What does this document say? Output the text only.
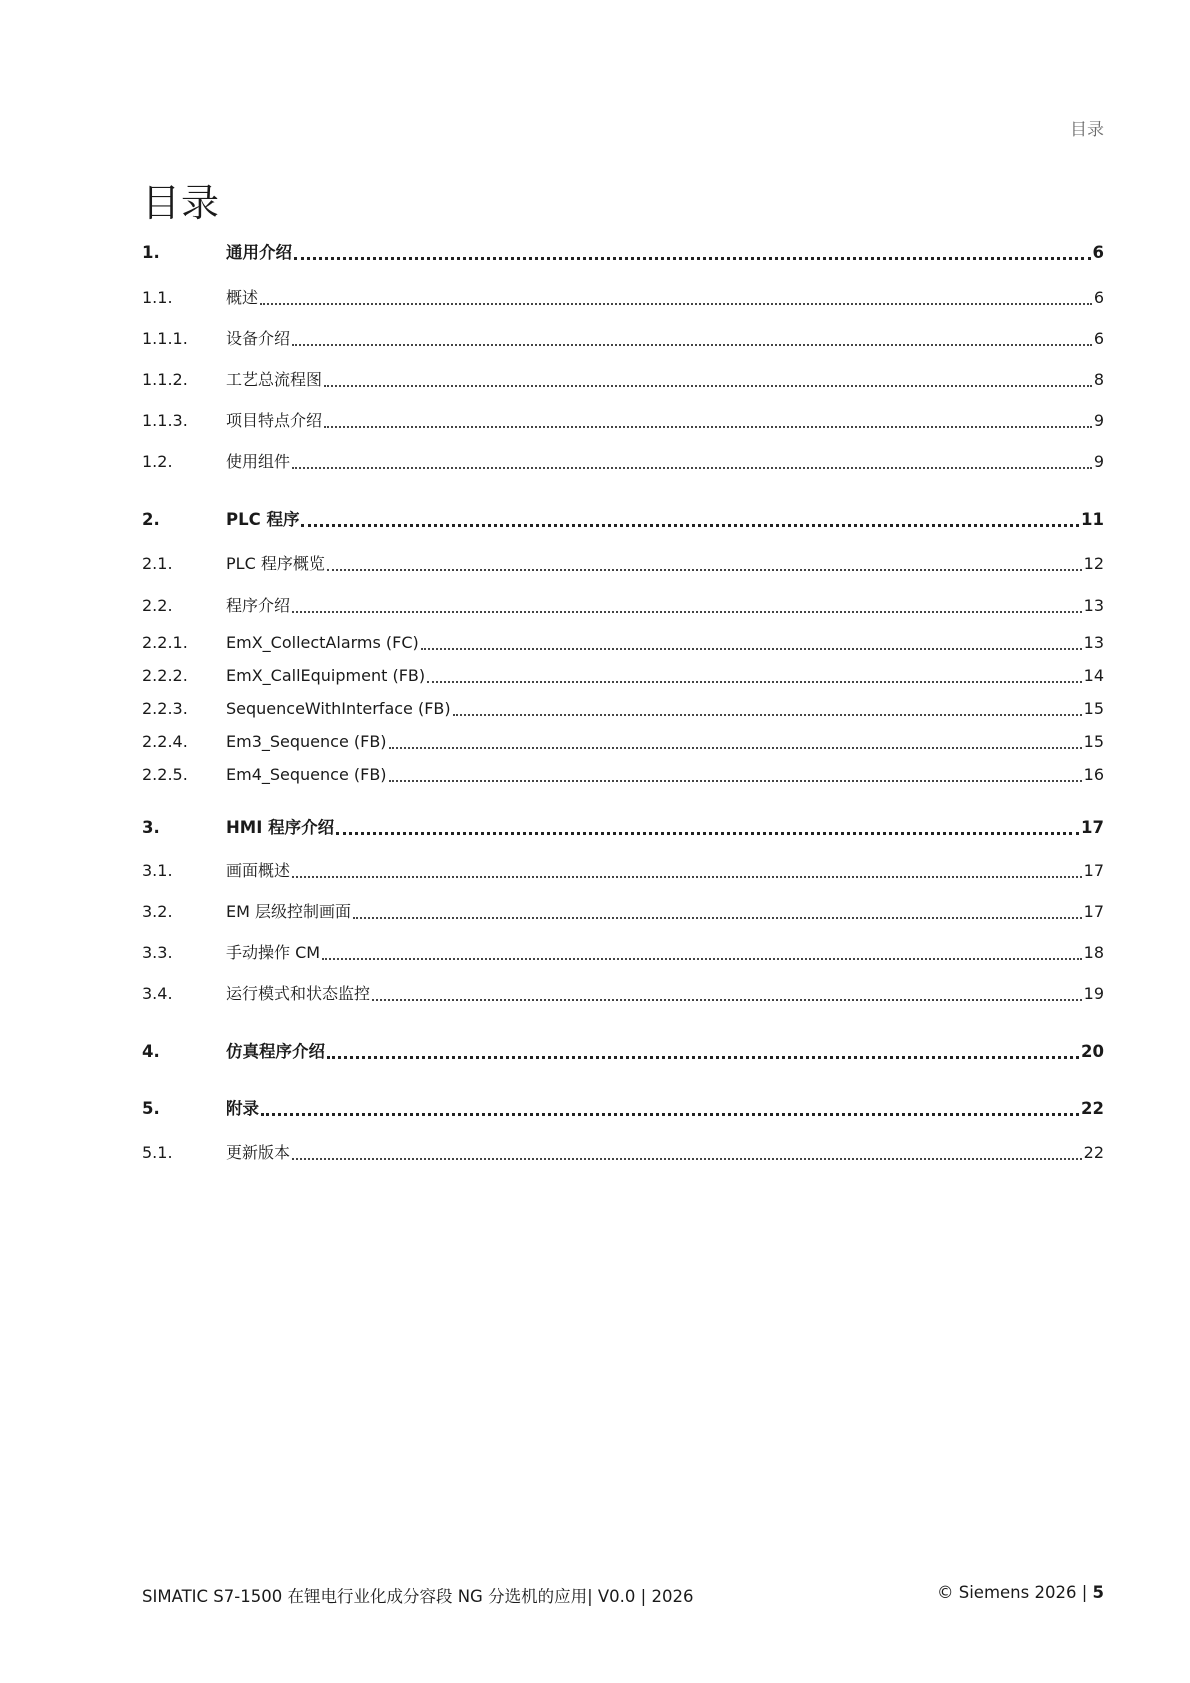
目录
目录
1.	通用介绍	6
1.1.	概述	6
1.1.1.	设备介绍	6
1.1.2.	工艺总流程图	8
1.1.3.	项目特点介绍	9
1.2.	使用组件	9
2.	PLC 程序	11
2.1.	PLC 程序概览	12
2.2.	程序介绍	13
2.2.1.	EmX_CollectAlarms (FC)	13
2.2.2.	EmX_CallEquipment (FB)	14
2.2.3.	SequenceWithInterface (FB)	15
2.2.4.	Em3_Sequence (FB)	15
2.2.5.	Em4_Sequence (FB)	16
3.	HMI 程序介绍	17
3.1.	画面概述	17
3.2.	EM 层级控制画面	17
3.3.	手动操作 CM	18
3.4.	运行模式和状态监控	19
4.	仿真程序介绍	20
5.	附录	22
5.1.	更新版本	22
SIMATIC S7-1500 在锂电行业化成分容段 NG 分选机的应用| V0.0 | 2026	© Siemens 2026 | 5
